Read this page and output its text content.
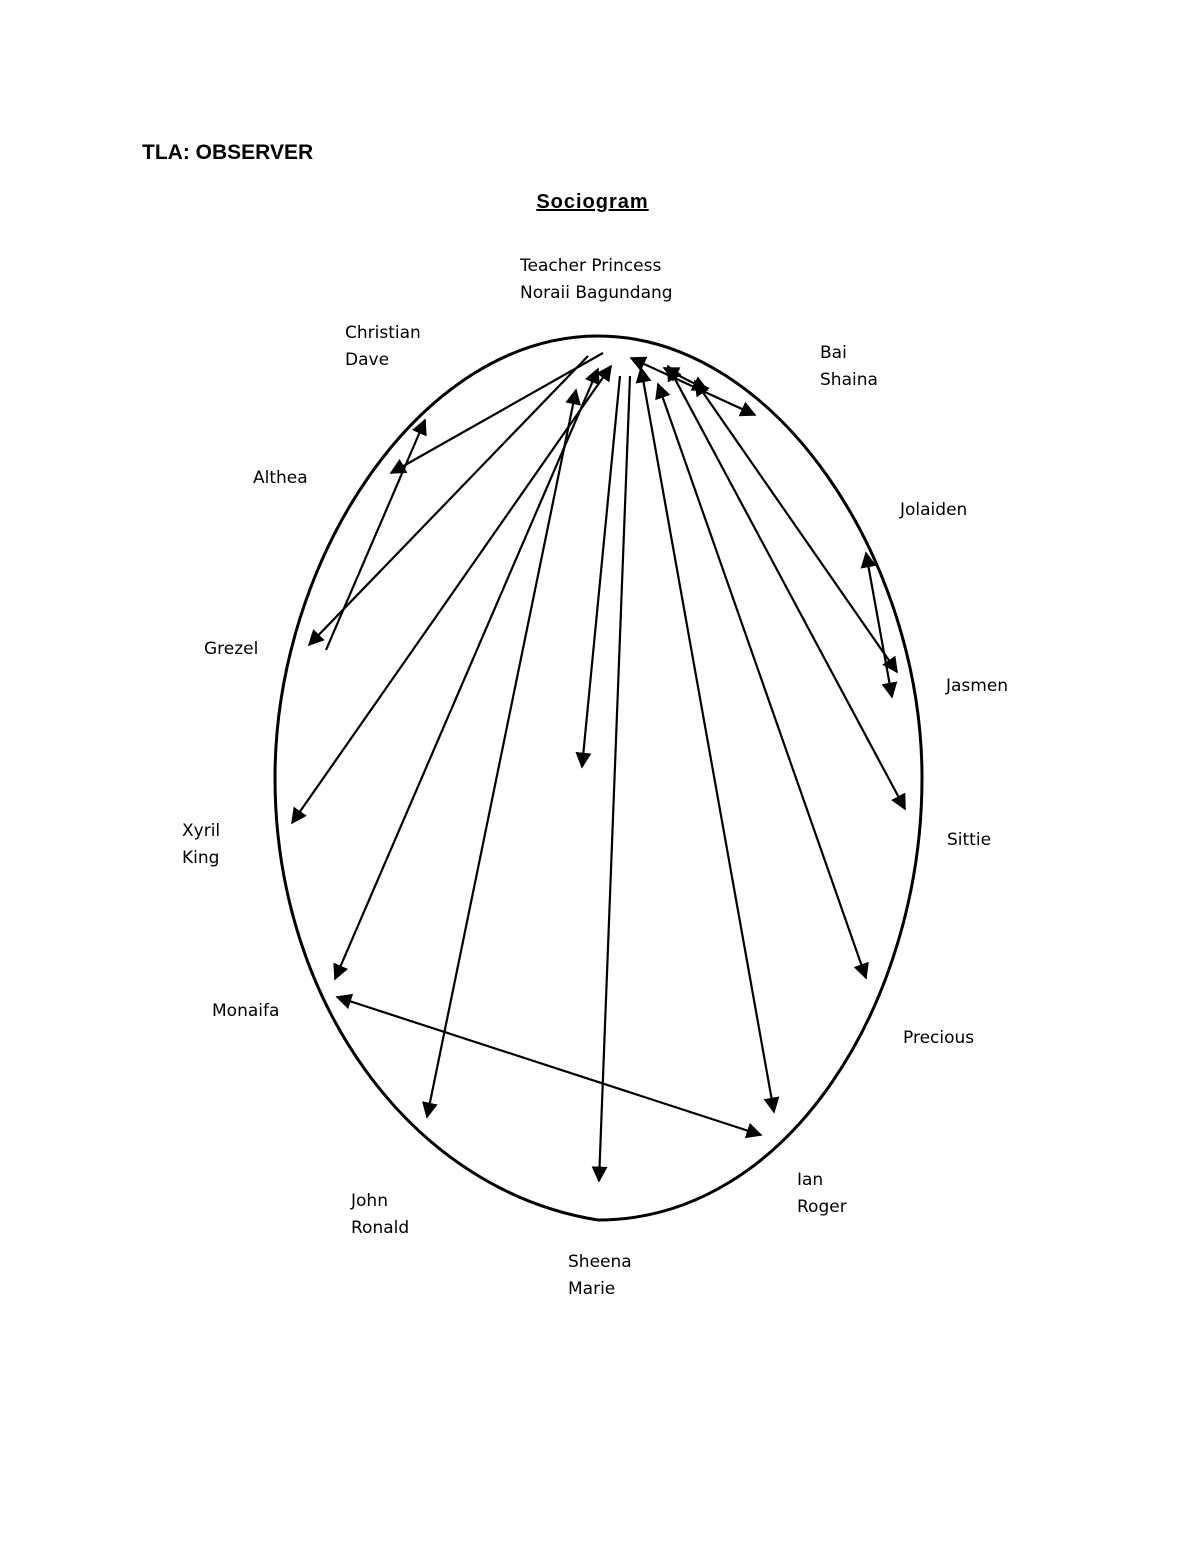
TLA: OBSERVER
Sociogram
Teacher Princess
Noraii Bagundang
Christian
Dave	Bai
Shaina
Althea
Jolaiden
Grezel
Jasmen
Xyril
King
Sittie
Monaifa
Precious
Ian
Roger
John
Ronald
Sheena
Marie
